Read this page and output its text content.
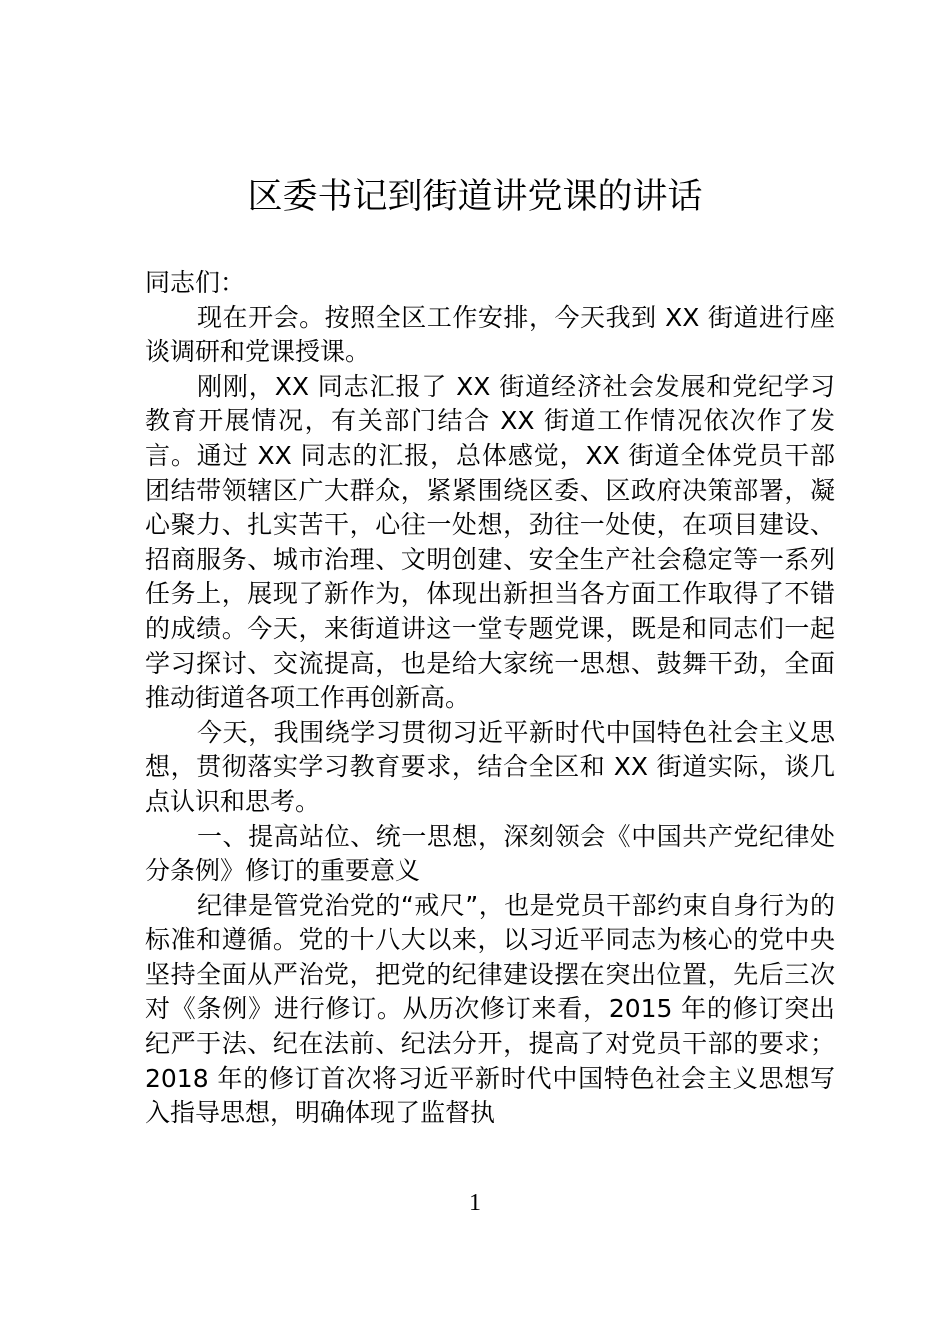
区委书记到街道讲党课的讲话

同志们：

现在开会。按照全区工作安排，今天我到 XX 街道进行座谈调研和党课授课。

刚刚，XX 同志汇报了 XX 街道经济社会发展和党纪学习教育开展情况，有关部门结合 XX 街道工作情况依次作了发言。通过 XX 同志的汇报，总体感觉，XX 街道全体党员干部团结带领辖区广大群众，紧紧围绕区委、区政府决策部署，凝心聚力、扎实苦干，心往一处想，劲往一处使，在项目建设、招商服务、城市治理、文明创建、安全生产社会稳定等一系列任务上，展现了新作为，体现出新担当各方面工作取得了不错的成绩。今天，来街道讲这一堂专题党课，既是和同志们一起学习探讨、交流提高，也是给大家统一思想、鼓舞干劲，全面推动街道各项工作再创新高。

今天，我围绕学习贯彻习近平新时代中国特色社会主义思想，贯彻落实学习教育要求，结合全区和 XX 街道实际，谈几点认识和思考。

一、提高站位、统一思想，深刻领会《中国共产党纪律处分条例》修订的重要意义

纪律是管党治党的“戒尺”，也是党员干部约束自身行为的标准和遵循。党的十八大以来，以习近平同志为核心的党中央坚持全面从严治党，把党的纪律建设摆在突出位置，先后三次对《条例》进行修订。从历次修订来看，2015 年的修订突出纪严于法、纪在法前、纪法分开，提高了对党员干部的要求；2018 年的修订首次将习近平新时代中国特色社会主义思想写入指导思想，明确体现了监督执

1
